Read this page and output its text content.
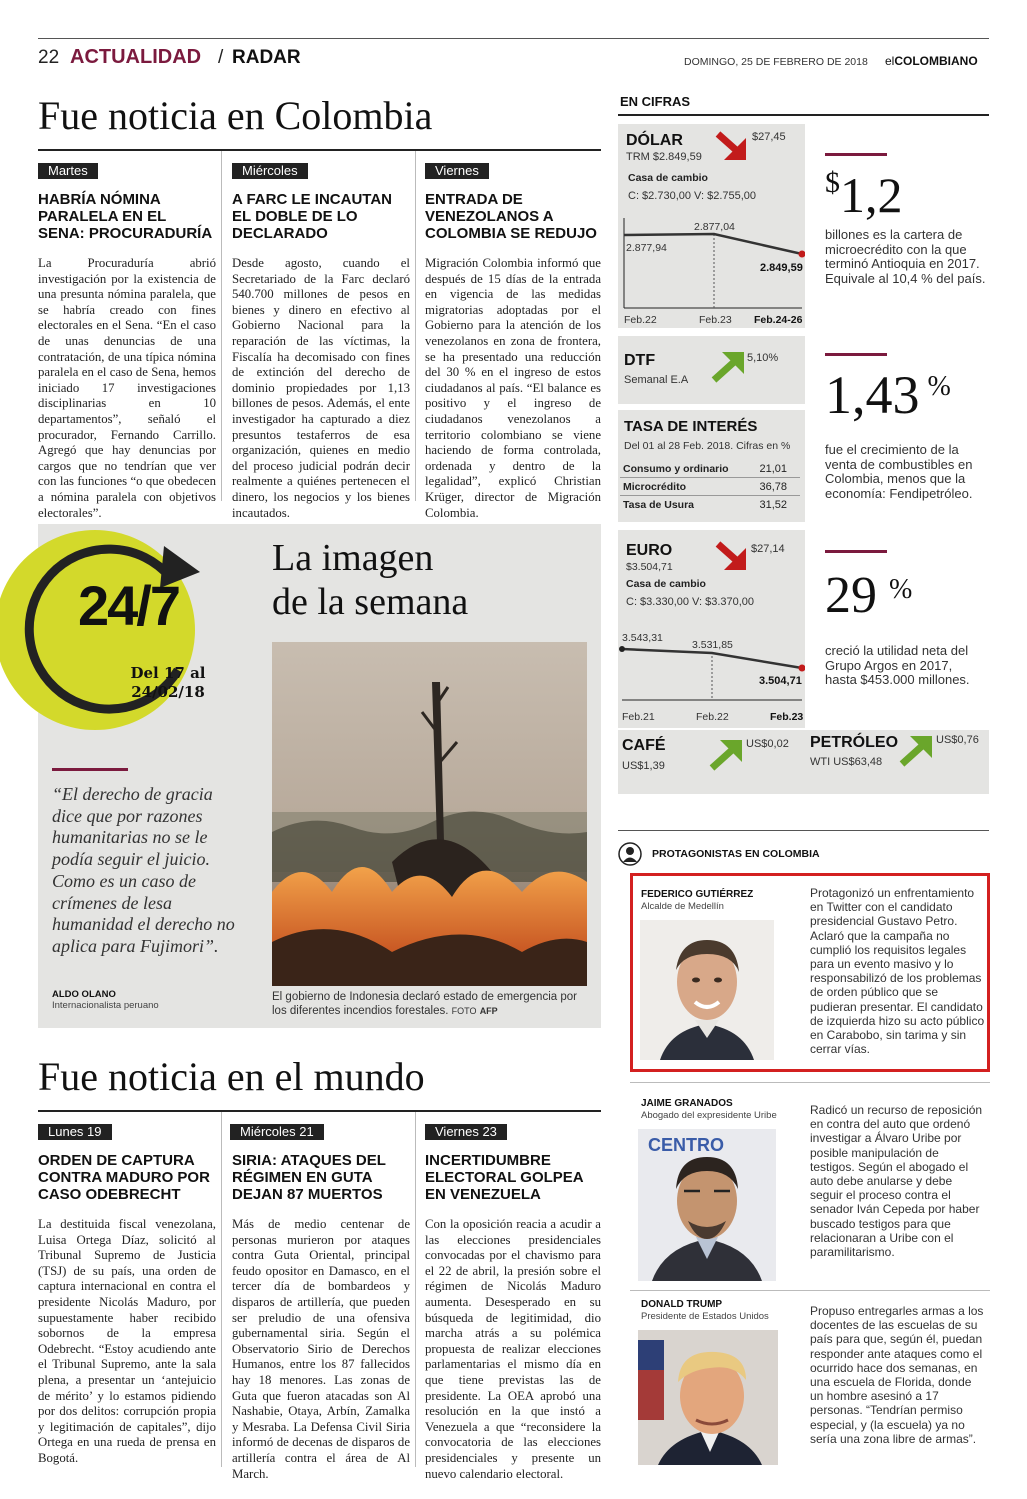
22 ACTUALIDAD / RADAR	DOMINGO, 25 DE FEBRERO DE 2018 elCOLOMBIANO
Fue noticia en Colombia
Martes
HABRÍA NÓMINA PARALELA EN EL SENA: PROCURADURÍA
La Procuraduría abrió investigación por la existencia de una presunta nómina paralela, que se habría creado con fines electorales en el Sena. “En el caso de unas denuncias de una contratación, de una típica nómina paralela en el caso de Sena, hemos iniciado 17 investigaciones disciplinarias en 10 departamentos”, señaló el procurador, Fernando Carrillo. Agregó que hay denuncias por cargos que no tendrían que ver con las funciones “o que obedecen a nómina paralela con objetivos electorales”.
Miércoles
A FARC LE INCAUTAN EL DOBLE DE LO DECLARADO
Desde agosto, cuando el Secretariado de la Farc declaró 540.700 millones de pesos en bienes y dinero en efectivo al Gobierno Nacional para la reparación de las víctimas, la Fiscalía ha decomisado con fines de extinción del derecho de dominio propiedades por 1,13 billones de pesos. Además, el ente investigador ha capturado a diez presuntos testaferros de esa organización, quienes en medio del proceso judicial podrán decir realmente a quiénes pertenecen el dinero, los negocios y los bienes incautados.
Viernes
ENTRADA DE VENEZOLANOS A COLOMBIA SE REDUJO
Migración Colombia informó que después de 15 días de la entrada en vigencia de las medidas migratorias adoptadas por el Gobierno para la atención de los venezolanos en zona de frontera, se ha presentado una reducción del 30 % en el ingreso de estos ciudadanos al país. “El balance es positivo y el ingreso de ciudadanos venezolanos a territorio colombiano se viene haciendo de forma controlada, ordenada y dentro de la legalidad”, explicó Christian Krüger, director de Migración Colombia.
24/7
Del 17 al 24/02/18
La imagen
de la semana
El gobierno de Indonesia declaró estado de emergencia por los diferentes incendios forestales. FOTO AFP
“El derecho de gracia dice que por razones humanitarias no se le podía seguir el juicio. Como es un caso de crímenes de lesa humanidad el derecho no aplica para Fujimori”.
ALDO OLANO
Internacionalista peruano
Fue noticia en el mundo
Lunes 19
ORDEN DE CAPTURA CONTRA MADURO POR CASO ODEBRECHT
La destituida fiscal venezolana, Luisa Ortega Díaz, solicitó al Tribunal Supremo de Justicia (TSJ) de su país, una orden de captura internacional en contra el presidente Nicolás Maduro, por supuestamente haber recibido sobornos de la empresa Odebrecht. “Estoy acudiendo ante el Tribunal Supremo, ante la sala plena, a presentar un ‘antejuicio de mérito’ y lo estamos pidiendo por dos delitos: corrupción propia y legitimación de capitales”, dijo Ortega en una rueda de prensa en Bogotá.
Miércoles 21
SIRIA: ATAQUES DEL RÉGIMEN EN GUTA DEJAN 87 MUERTOS
Más de medio centenar de personas murieron por ataques contra Guta Oriental, principal feudo opositor en Damasco, en el tercer día de bombardeos y disparos de artillería, que pueden ser preludio de una ofensiva gubernamental siria. Según el Observatorio Sirio de Derechos Humanos, entre los 87 fallecidos hay 18 menores. Las zonas de Guta que fueron atacadas son Al Nashabie, Otaya, Arbín, Zamalka y Mesraba. La Defensa Civil Siria informó de decenas de disparos de artillería contra el área de Al March.
Viernes 23
INCERTIDUMBRE ELECTORAL GOLPEA EN VENEZUELA
Con la oposición reacia a acudir a las elecciones presidenciales convocadas por el chavismo para el 22 de abril, la presión sobre el régimen de Nicolás Maduro aumenta. Desesperado en su búsqueda de legitimidad, dio marcha atrás a su polémica propuesta de realizar elecciones parlamentarias el mismo día en que tiene previstas las de presidente. La OEA aprobó una resolución en la que instó a Venezuela a que “reconsidere la convocatoria de las elecciones presidenciales y presente un nuevo calendario electoral.
EN CIFRAS
DÓLAR
TRM $2.849,59
$27,45
Casa de cambio
C: $2.730,00 V: $2.755,00
2.877,94
2.877,04
2.849,59
Feb.22	Feb.23 Feb.24-26
$1,2
billones es la cartera de microecrédito con la que terminó Antioquia en 2017. Equivale al 10,4 % del país.
DTF
Semanal E.A
5,10%
TASA DE INTERÉS
Del 01 al 28 Feb. 2018. Cifras en %
Consumo y ordinario	21,01
Microcrédito	36,78
Tasa de Usura	31,52
1,43 %
fue el crecimiento de la venta de combustibles en Colombia, menos que la economía: Fendipetróleo.
EURO
$3.504,71
$27,14
Casa de cambio
C: $3.330,00 V: $3.370,00
3.543,31
3.531,85
3.504,71
Feb.21	Feb.22	Feb.23
29 %
creció la utilidad neta del Grupo Argos en 2017, hasta $453.000 millones.
CAFÉ
US$1,39
US$0,02 PETRÓLEO
WTI US$63,48
US$0,76
PROTAGONISTAS EN COLOMBIA
FEDERICO GUTIÉRREZ
Alcalde de Medellín
Protagonizó un enfrentamiento en Twitter con el candidato presidencial Gustavo Petro. Aclaró que la campaña no cumplió los requisitos legales para un evento masivo y lo responsabilizó de los problemas de orden público que se pudieran presentar. El candidato de izquierda hizo su acto público en Carabobo, sin tarima y sin cerrar vías.
JAIME GRANADOS
Abogado del expresidente Uribe
CENTRO
Radicó un recurso de reposición en contra del auto que ordenó investigar a Álvaro Uribe por posible manipulación de testigos. Según el abogado el auto debe anularse y debe seguir el proceso contra el senador Iván Cepeda por haber buscado testigos para que relacionaran a Uribe con el paramilitarismo.
DONALD TRUMP
Presidente de Estados Unidos	Propuso entregarles armas a los docentes de las escuelas de su país para que, según él, puedan responder ante ataques como el ocurrido hace dos semanas, en una escuela de Florida, donde un hombre asesinó a 17 personas. “Tendrían permiso especial, y (la escuela) ya no sería una zona libre de armas”.
